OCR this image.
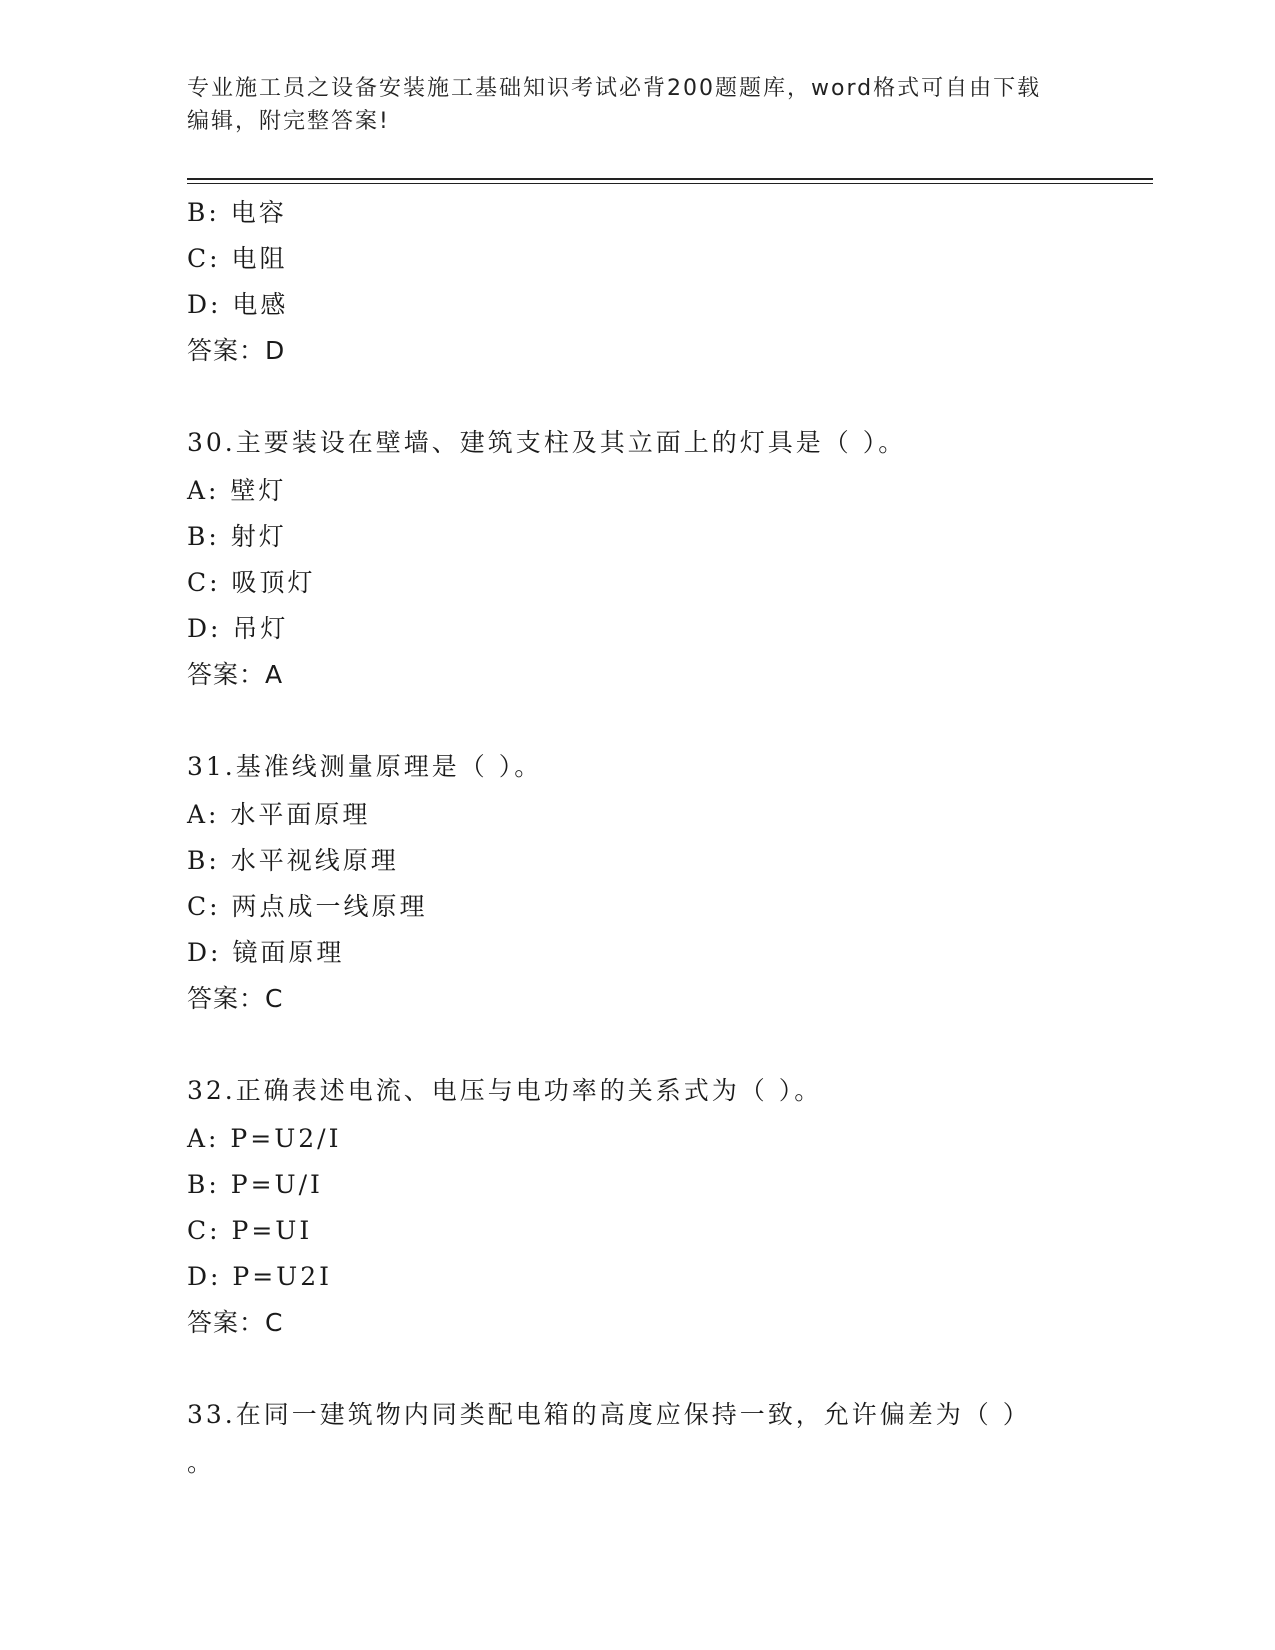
专业施工员之设备安装施工基础知识考试必背200题题库，word格式可自由下载
编辑，附完整答案!
B: 电容
C: 电阻
D: 电感
答案：D
30.主要装设在壁墙、建筑支柱及其立面上的灯具是（ ）。
A: 壁灯
B: 射灯
C: 吸顶灯
D: 吊灯
答案：A
31.基准线测量原理是（ ）。
A: 水平面原理
B: 水平视线原理
C: 两点成一线原理
D: 镜面原理
答案：C
32.正确表述电流、电压与电功率的关系式为（ ）。
A: P=U2/I
B: P=U/I
C: P=UI
D: P=U2I
答案：C
33.在同一建筑物内同类配电箱的高度应保持一致，允许偏差为（ ）
。
